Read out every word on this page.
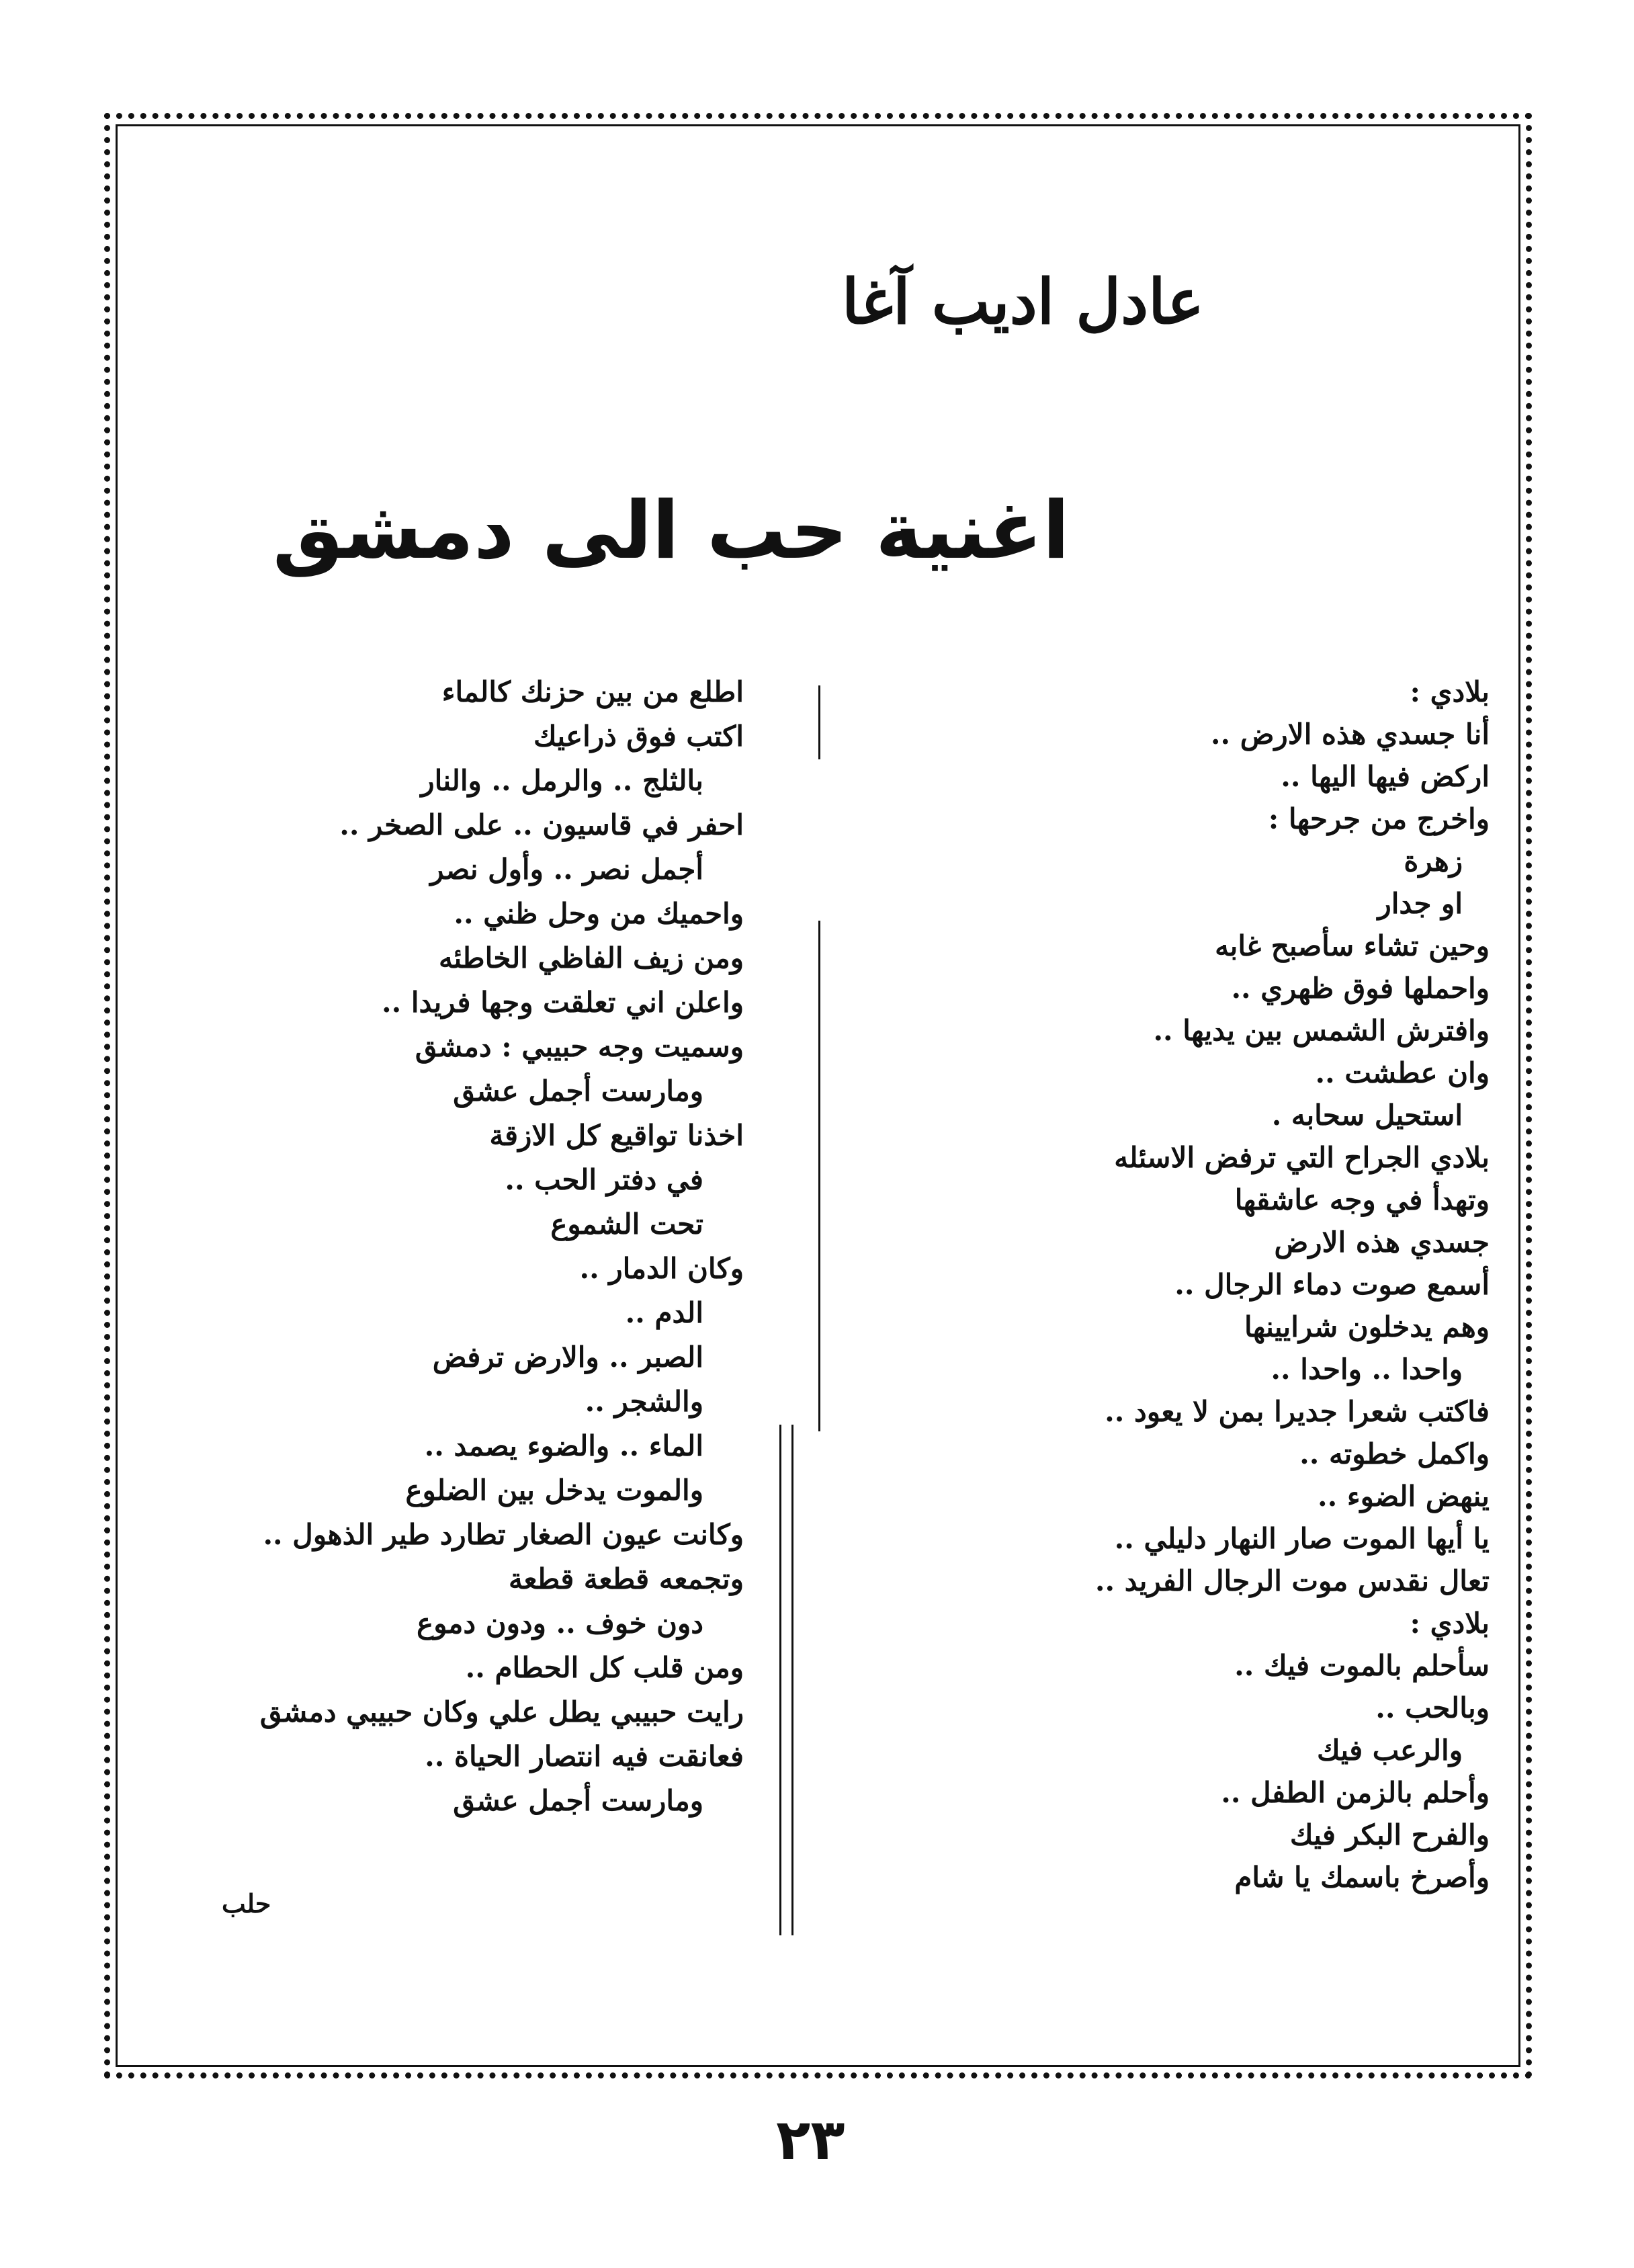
عادل اديب آغا
اغنية حب الى دمشق
بلادي :
أنا جسدي هذه الارض ..
اركض فيها اليها ..
واخرج من جرحها :
زهرة
او جدار
وحين تشاء سأصبح غابه
واحملها فوق ظهري ..
وافترش الشمس بين يديها ..
وان عطشت ..
استحيل سحابه .
بلادي الجراح التي ترفض الاسئله
وتهدأ في وجه عاشقها
جسدي هذه الارض
أسمع صوت دماء الرجال ..
وهم يدخلون شرايينها
واحدا .. واحدا ..
فاكتب شعرا جديرا بمن لا يعود ..
واكمل خطوته ..
ينهض الضوء ..
يا أيها الموت صار النهار دليلي ..
تعال نقدس موت الرجال الفريد ..
بلادي :
سأحلم بالموت فيك ..
وبالحب ..
والرعب فيك
وأحلم بالزمن الطفل ..
والفرح البكر فيك
وأصرخ باسمك يا شام
اطلع من بين حزنك كالماء
اكتب فوق ذراعيك
بالثلج .. والرمل .. والنار
احفر في قاسيون .. على الصخر ..
أجمل نصر .. وأول نصر
واحميك من وحل ظني ..
ومن زيف الفاظي الخاطئه
واعلن اني تعلقت وجها فريدا ..
وسميت وجه حبيبي : دمشق
ومارست أجمل عشق
اخذنا تواقيع كل الازقة
في دفتر الحب ..
تحت الشموع
وكان الدمار ..
الدم ..
الصبر .. والارض ترفض
والشجر ..
الماء .. والضوء يصمد ..
والموت يدخل بين الضلوع
وكانت عيون الصغار تطارد طير الذهول ..
وتجمعه قطعة قطعة
دون خوف .. ودون دموع
ومن قلب كل الحطام ..
رايت حبيبي يطل علي وكان حبيبي دمشق
فعانقت فيه انتصار الحياة ..
ومارست أجمل عشق
حلب
٢٣
